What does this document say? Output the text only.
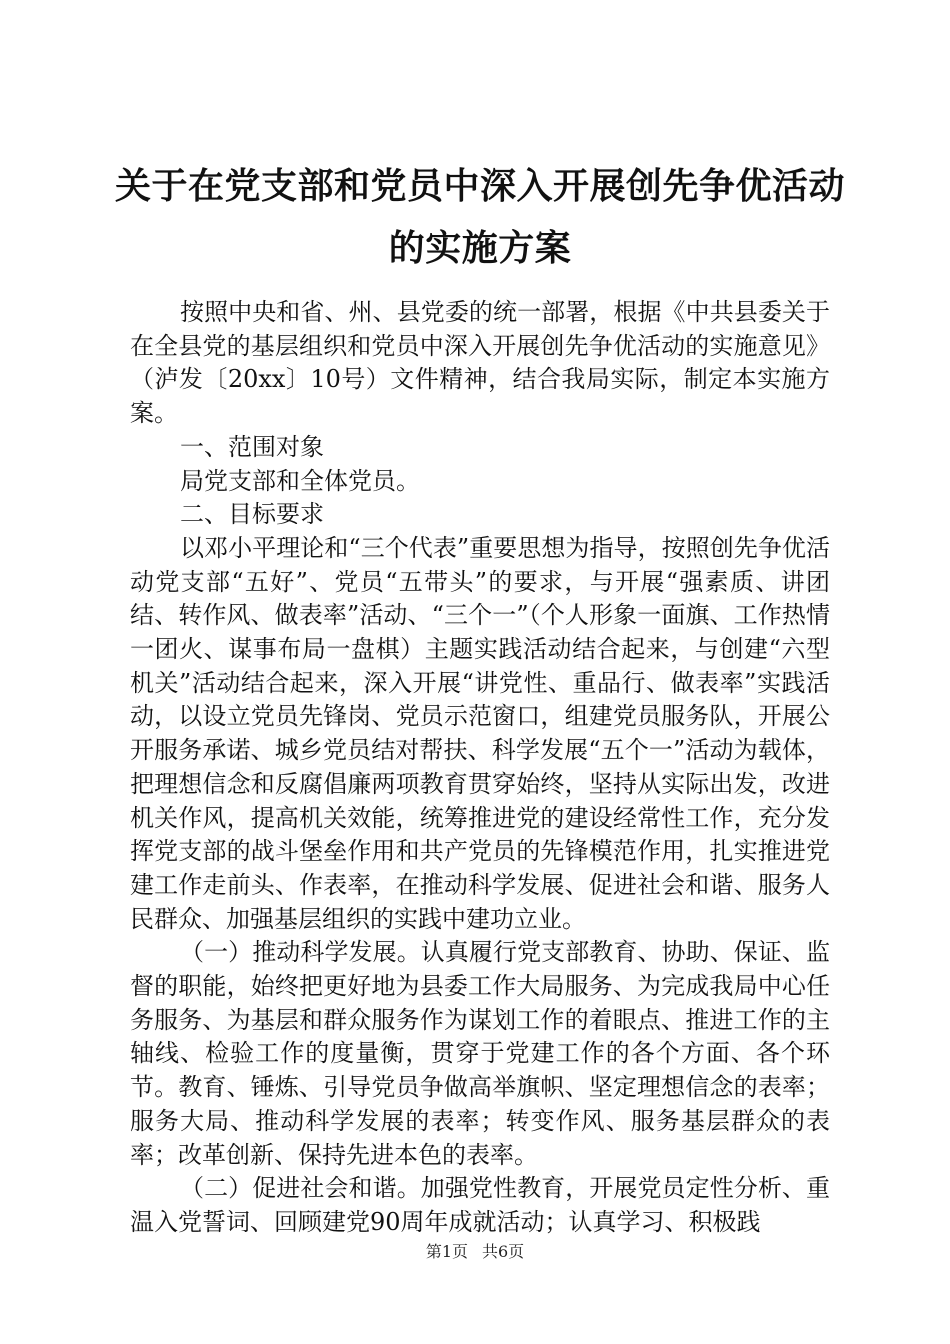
关于在党支部和党员中深入开展创先争优活动
的实施方案

按照中央和省、州、县党委的统一部署，根据《中共县委关于在全县党的基层组织和党员中深入开展创先争优活动的实施意见》（泸发〔20xx〕10号）文件精神，结合我局实际，制定本实施方案。

一、范围对象

局党支部和全体党员。

二、目标要求

以邓小平理论和“三个代表”重要思想为指导，按照创先争优活动党支部“五好”、党员“五带头”的要求，与开展“强素质、讲团结、转作风、做表率”活动、“三个一”（个人形象一面旗、工作热情一团火、谋事布局一盘棋）主题实践活动结合起来，与创建“六型机关”活动结合起来，深入开展“讲党性、重品行、做表率”实践活动，以设立党员先锋岗、党员示范窗口，组建党员服务队，开展公开服务承诺、城乡党员结对帮扶、科学发展“五个一”活动为载体，把理想信念和反腐倡廉两项教育贯穿始终，坚持从实际出发，改进机关作风，提高机关效能，统筹推进党的建设经常性工作，充分发挥党支部的战斗堡垒作用和共产党员的先锋模范作用，扎实推进党建工作走前头、作表率，在推动科学发展、促进社会和谐、服务人民群众、加强基层组织的实践中建功立业。

（一）推动科学发展。认真履行党支部教育、协助、保证、监督的职能，始终把更好地为县委工作大局服务、为完成我局中心任务服务、为基层和群众服务作为谋划工作的着眼点、推进工作的主轴线、检验工作的度量衡，贯穿于党建工作的各个方面、各个环节。教育、锤炼、引导党员争做高举旗帜、坚定理想信念的表率；服务大局、推动科学发展的表率；转变作风、服务基层群众的表率；改革创新、保持先进本色的表率。

（二）促进社会和谐。加强党性教育，开展党员定性分析、重温入党誓词、回顾建党90周年成就活动；认真学习、积极践

第1页 共6页
